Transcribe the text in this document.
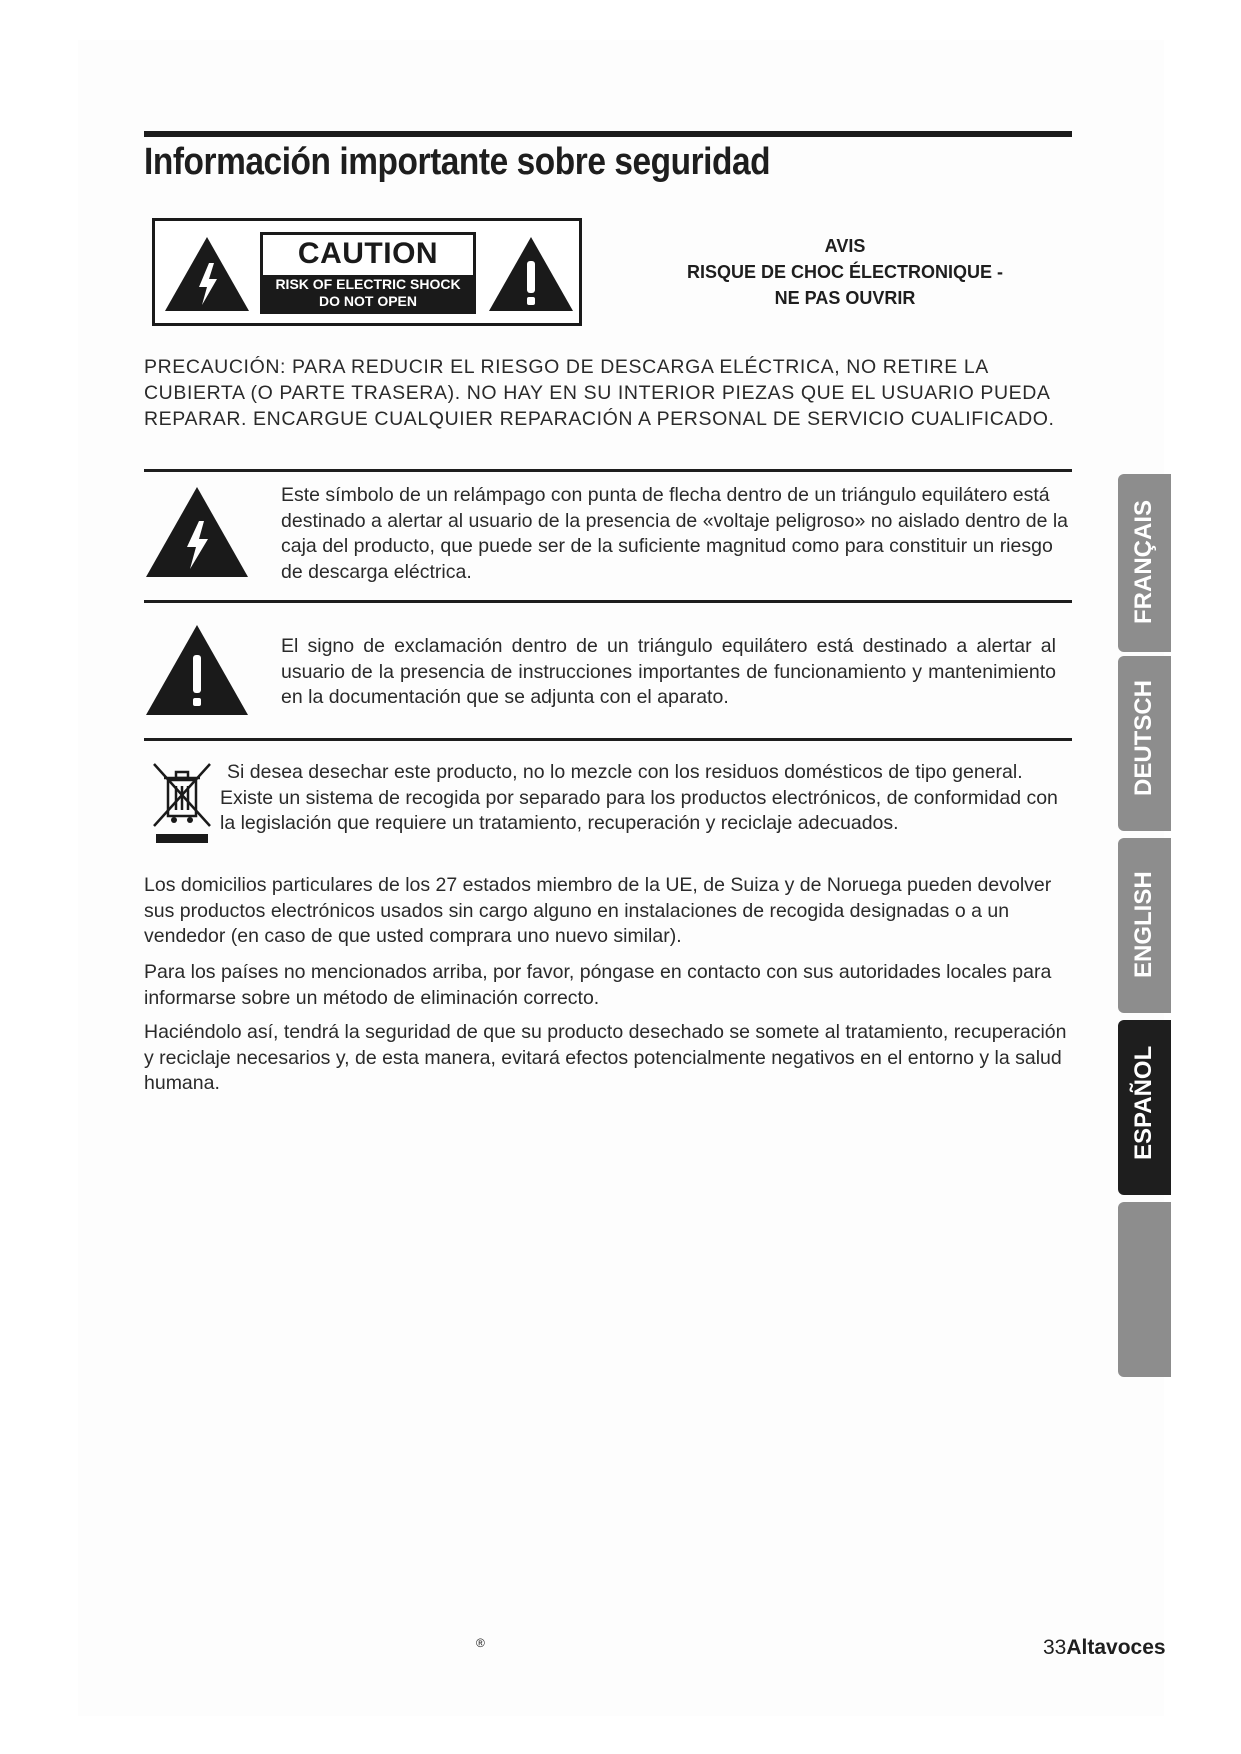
Información importante sobre seguridad
CAUTION
RISK OF ELECTRIC SHOCK
DO NOT OPEN
AVIS
RISQUE DE CHOC ÉLECTRONIQUE -
NE PAS OUVRIR
PRECAUCIÓN: PARA REDUCIR EL RIESGO DE DESCARGA ELÉCTRICA, NO RETIRE LA CUBIERTA (O PARTE TRASERA). NO HAY EN SU INTERIOR PIEZAS QUE EL USUARIO PUEDA REPARAR. ENCARGUE CUALQUIER REPARACIÓN A PERSONAL DE SERVICIO CUALIFICADO.
Este símbolo de un relámpago con punta de flecha dentro de un triángulo equilátero está destinado a alertar al usuario de la presencia de «voltaje peligroso» no aislado dentro de la caja del producto, que puede ser de la suficiente magnitud como para constituir un riesgo de descarga eléctrica.
El signo de exclamación dentro de un triángulo equilátero está destinado a alertar al usuario de la presencia de instrucciones importantes de funcionamiento y mantenimiento en la documentación que se adjunta con el aparato.
Si desea desechar este producto, no lo mezcle con los residuos domésticos de tipo general. Existe un sistema de recogida por separado para los productos electrónicos, de conformidad con la legislación que requiere un tratamiento, recuperación y reciclaje adecuados.
Los domicilios particulares de los 27 estados miembro de la UE, de Suiza y de Noruega pueden devolver sus productos electrónicos usados sin cargo alguno en instalaciones de recogida designadas o a un vendedor (en caso de que usted comprara uno nuevo similar).
Para los países no mencionados arriba, por favor, póngase en contacto con sus autoridades locales para informarse sobre un método de eliminación correcto.
Haciéndolo así, tendrá la seguridad de que su producto desechado se somete al tratamiento, recuperación y reciclaje necesarios y, de esta manera, evitará efectos potencialmente negativos en el entorno y la salud humana.
FRANÇAIS
DEUTSCH
ENGLISH
ESPAÑOL
®	33Altavoces
